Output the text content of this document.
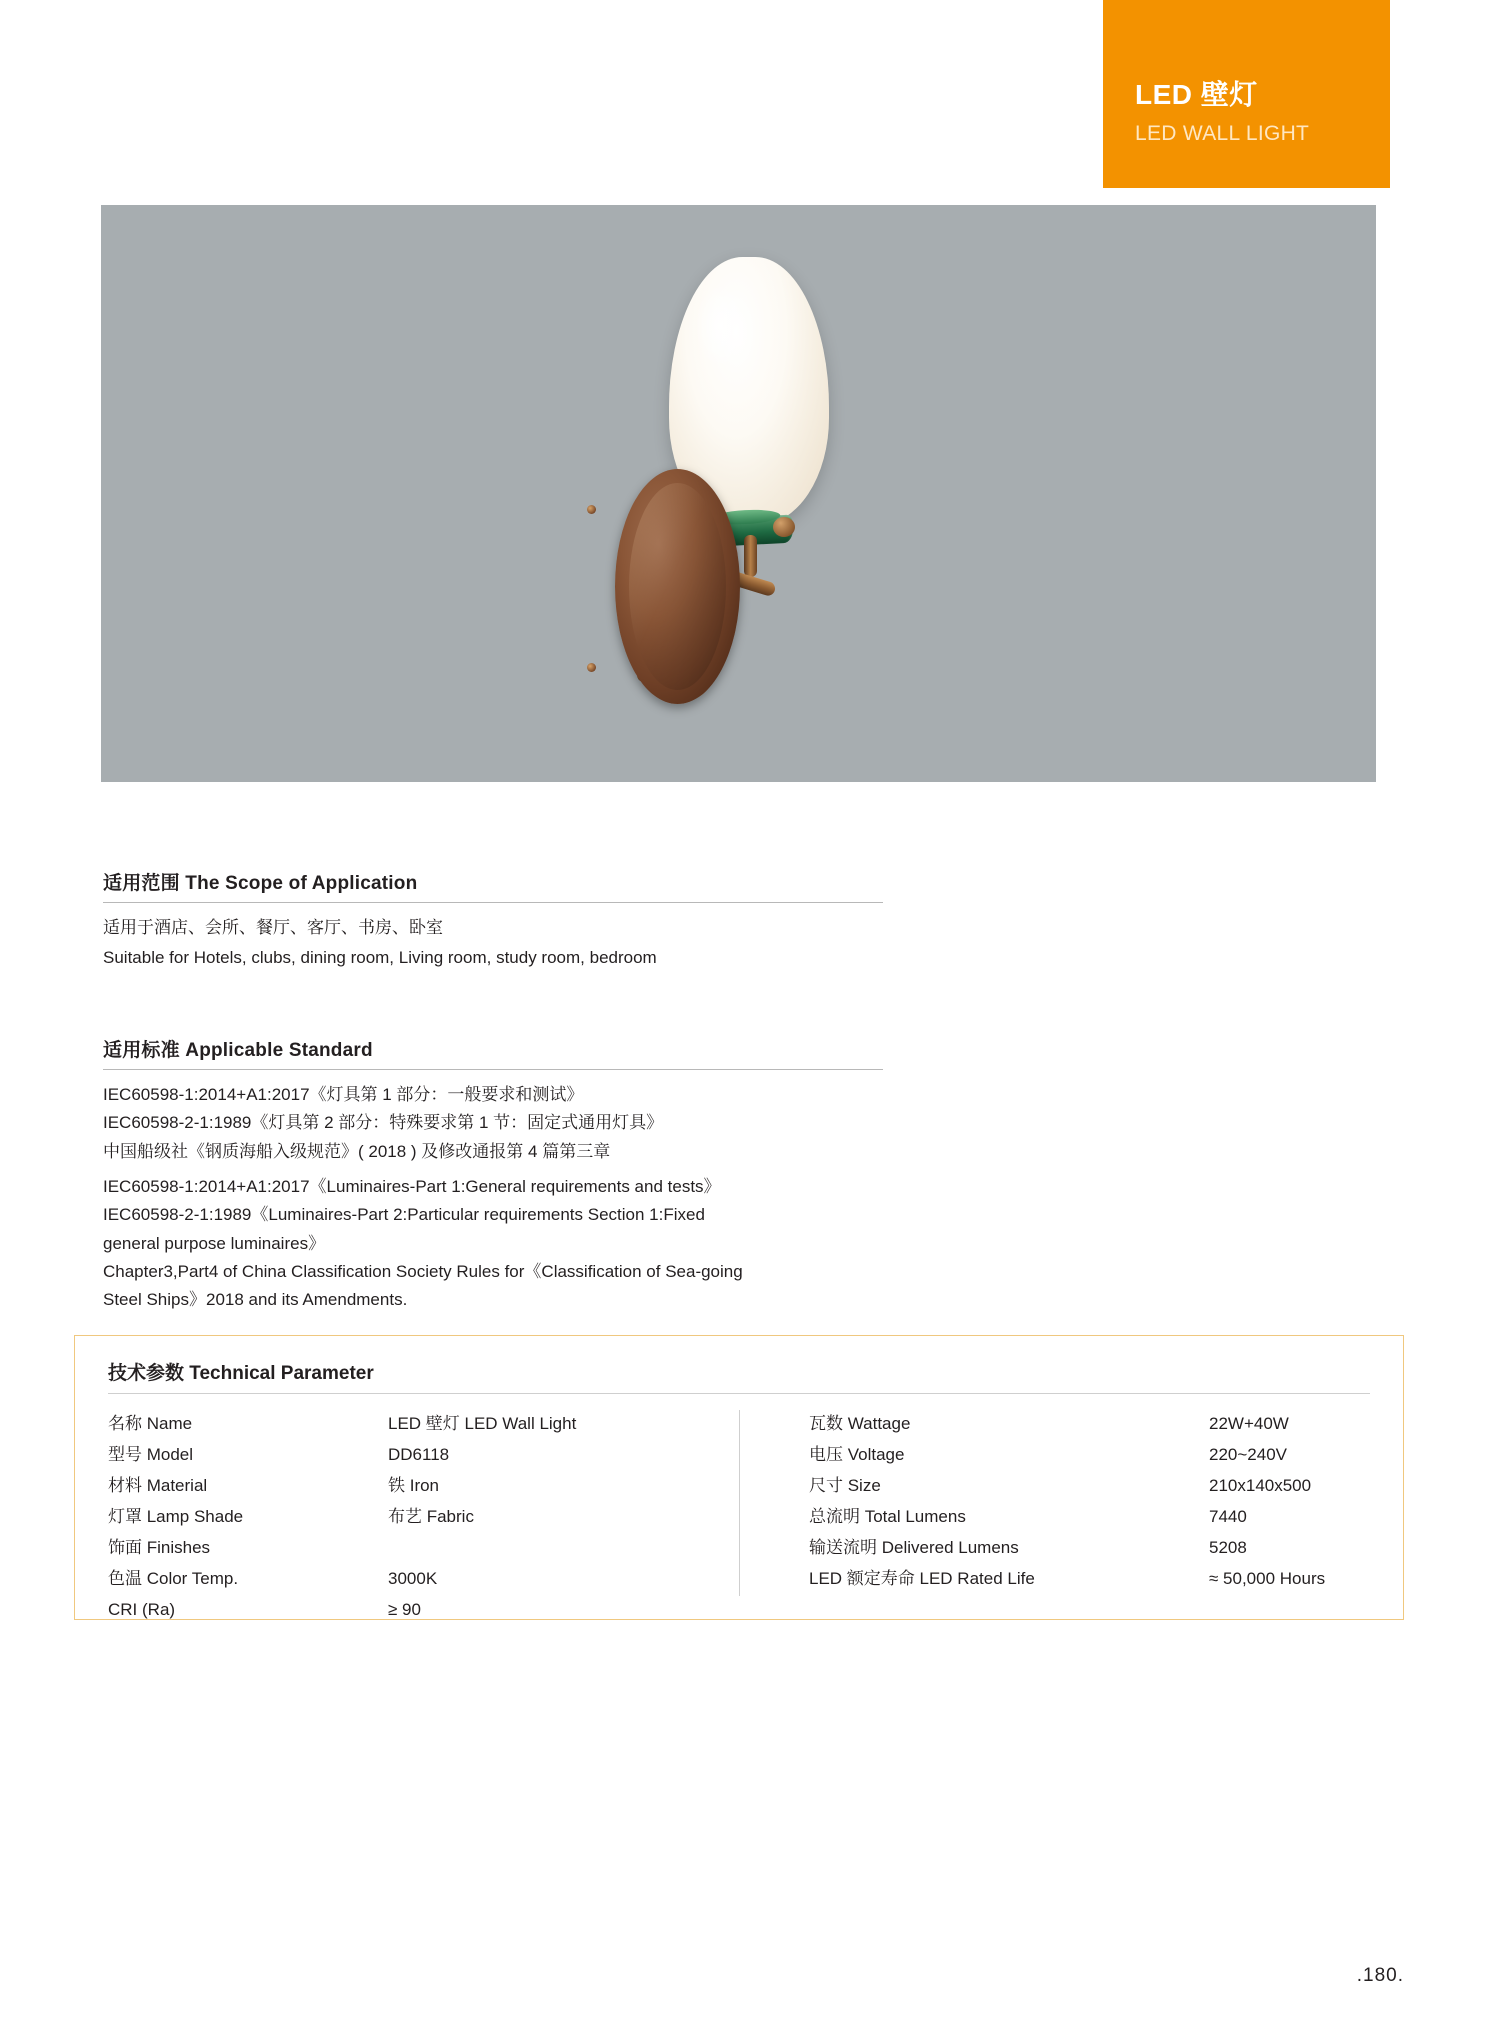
LED 壁灯
LED WALL LIGHT
适用范围 The Scope of Application

适用于酒店、会所、餐厅、客厅、书房、卧室

Suitable for Hotels, clubs, dining room, Living room, study room, bedroom

适用标准 Applicable Standard

IEC60598-1:2014+A1:2017《灯具第 1 部分：一般要求和测试》

IEC60598-2-1:1989《灯具第 2 部分：特殊要求第 1 节：固定式通用灯具》

中国船级社《钢质海船入级规范》( 2018 ) 及修改通报第 4 篇第三章

IEC60598-1:2014+A1:2017《Luminaires-Part 1:General requirements and tests》

IEC60598-2-1:1989《Luminaires-Part 2:Particular requirements Section 1:Fixed

general purpose luminaires》

Chapter3,Part4 of China Classification Society Rules for《Classification of Sea-going

Steel Ships》2018 and its Amendments.

技术参数 Technical Parameter
名称 Name	LED 壁灯 LED Wall Light
型号 Model	DD6118
材料 Material	铁 Iron
灯罩 Lamp Shade	布艺 Fabric
饰面 Finishes
色温 Color Temp.	3000K
CRI (Ra)	≥ 90
瓦数 Wattage	22W+40W
电压 Voltage	220~240V
尺寸 Size	210x140x500
总流明 Total Lumens	7440
输送流明 Delivered Lumens	5208
LED 额定寿命 LED Rated Life	≈ 50,000 Hours
.180.
